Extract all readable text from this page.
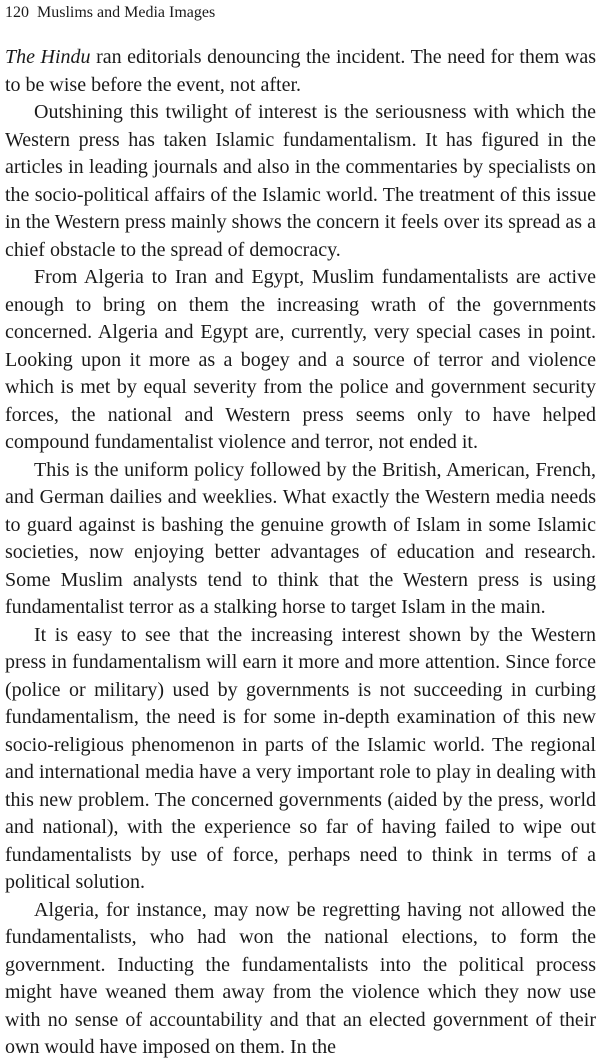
120 Muslims and Media Images

The Hindu ran editorials denouncing the incident. The need for them was to be wise before the event, not after.

Outshining this twilight of interest is the seriousness with which the Western press has taken Islamic fundamentalism. It has figured in the articles in leading journals and also in the commentaries by specialists on the socio-political affairs of the Islamic world. The treatment of this issue in the Western press mainly shows the concern it feels over its spread as a chief obstacle to the spread of democracy.

From Algeria to Iran and Egypt, Muslim fundamentalists are active enough to bring on them the increasing wrath of the governments concerned. Algeria and Egypt are, currently, very special cases in point. Looking upon it more as a bogey and a source of terror and violence which is met by equal severity from the police and government security forces, the national and Western press seems only to have helped compound fundamentalist violence and terror, not ended it.

This is the uniform policy followed by the British, American, French, and German dailies and weeklies. What exactly the Western media needs to guard against is bashing the genuine growth of Islam in some Islamic societies, now enjoying better advantages of education and research. Some Muslim analysts tend to think that the Western press is using fundamentalist terror as a stalking horse to target Islam in the main.

It is easy to see that the increasing interest shown by the Western press in fundamentalism will earn it more and more attention. Since force (police or military) used by governments is not succeeding in curbing fundamentalism, the need is for some in-depth examination of this new socio-religious phenomenon in parts of the Islamic world. The regional and international media have a very important role to play in dealing with this new problem. The concerned governments (aided by the press, world and national), with the experience so far of having failed to wipe out fundamentalists by use of force, perhaps need to think in terms of a political solution.

Algeria, for instance, may now be regretting having not allowed the fundamentalists, who had won the national elections, to form the government. Inducting the fundamentalists into the political process might have weaned them away from the violence which they now use with no sense of accountability and that an elected government of their own would have imposed on them. In the
